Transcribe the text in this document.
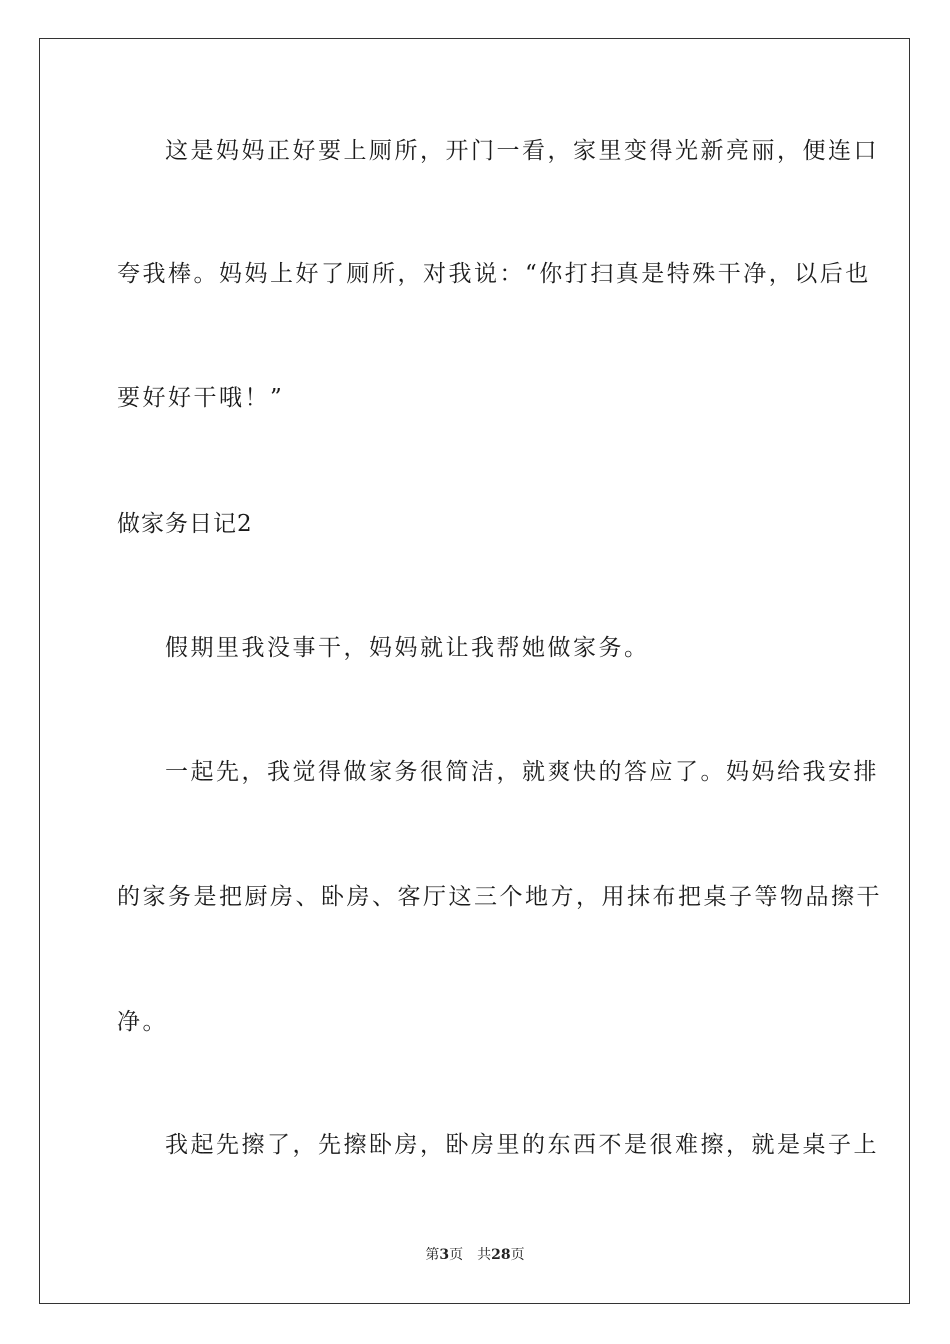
这是妈妈正好要上厕所，开门一看，家里变得光新亮丽，便连口
夸我棒。妈妈上好了厕所，对我说：“你打扫真是特殊干净，以后也
要好好干哦！”
做家务日记2
假期里我没事干，妈妈就让我帮她做家务。
一起先，我觉得做家务很简洁，就爽快的答应了。妈妈给我安排
的家务是把厨房、卧房、客厅这三个地方，用抹布把桌子等物品擦干
净。
我起先擦了，先擦卧房，卧房里的东西不是很难擦，就是桌子上
第3页 共28页
